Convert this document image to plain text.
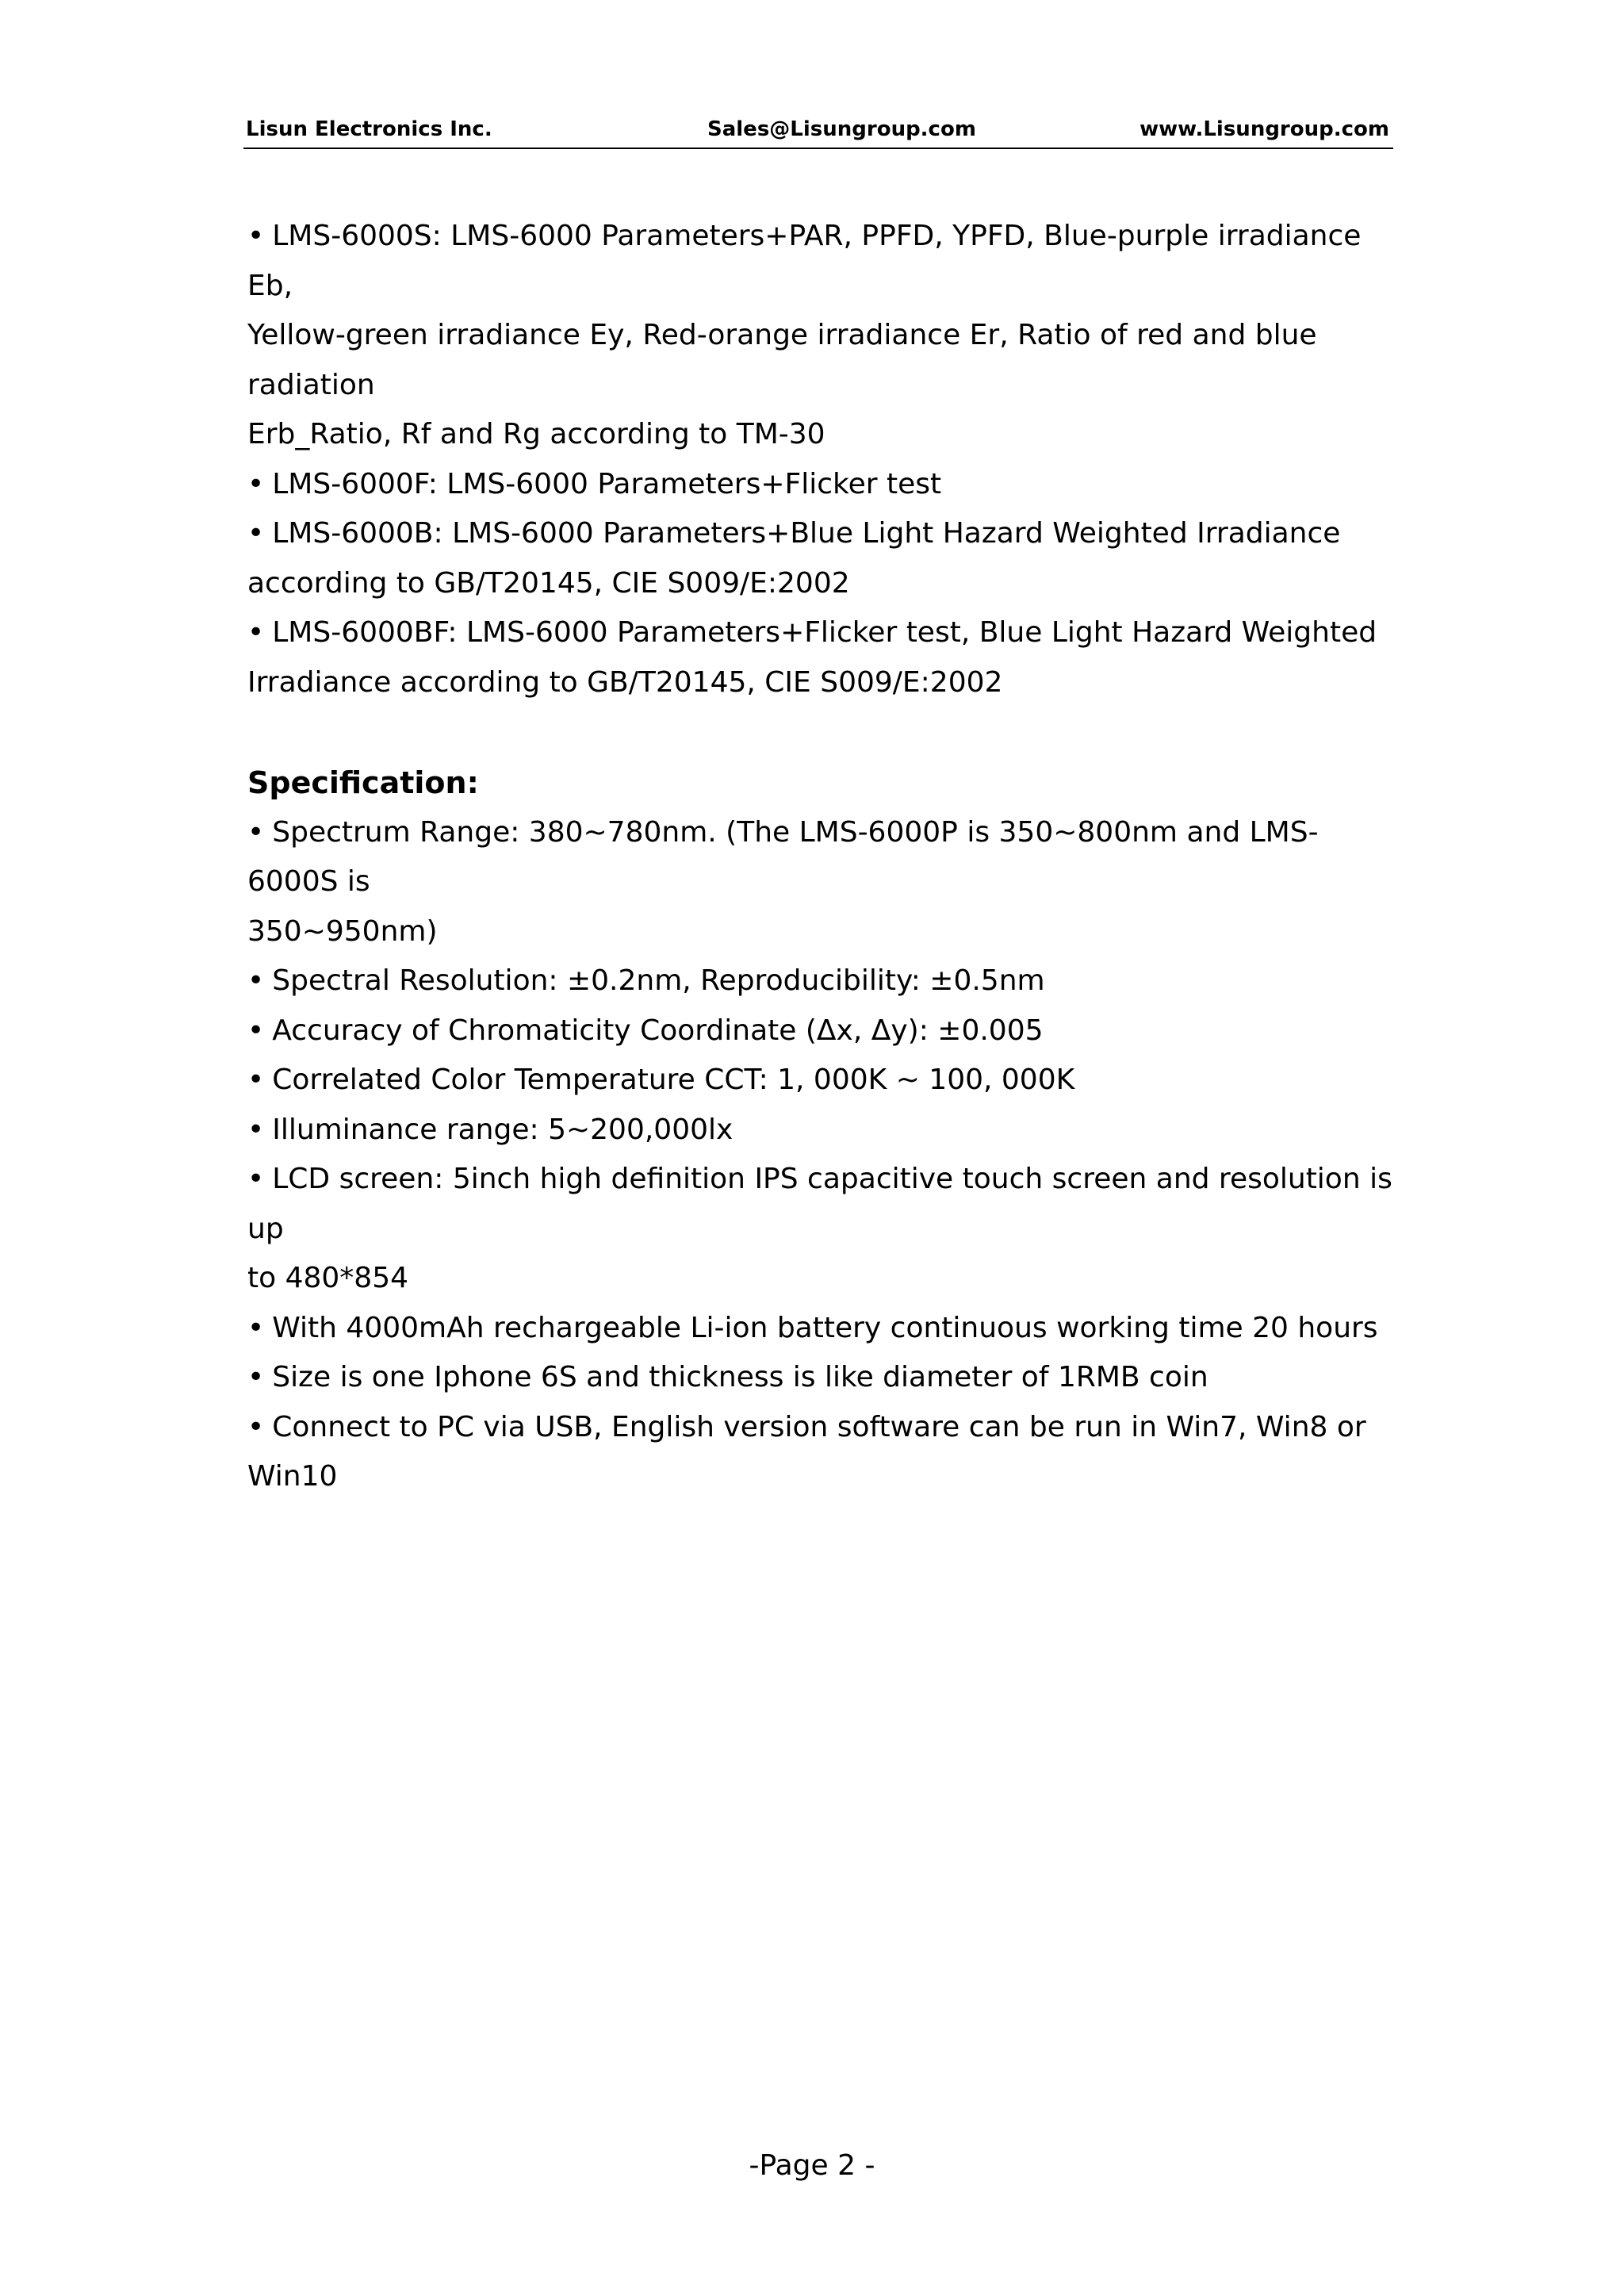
Lisun Electronics Inc.	Sales@Lisungroup.com	www.Lisungroup.com

• LMS-6000S: LMS-6000 Parameters+PAR, PPFD, YPFD, Blue-purple irradiance Eb,

Yellow-green irradiance Ey, Red-orange irradiance Er, Ratio of red and blue radiation

Erb_Ratio, Rf and Rg according to TM-30

• LMS-6000F: LMS-6000 Parameters+Flicker test

• LMS-6000B: LMS-6000 Parameters+Blue Light Hazard Weighted Irradiance

according to GB/T20145, CIE S009/E:2002

• LMS-6000BF: LMS-6000 Parameters+Flicker test, Blue Light Hazard Weighted

Irradiance according to GB/T20145, CIE S009/E:2002

Specification:

• Spectrum Range: 380~780nm. (The LMS-6000P is 350~800nm and LMS-6000S is

350~950nm)

• Spectral Resolution: ±0.2nm, Reproducibility: ±0.5nm

• Accuracy of Chromaticity Coordinate (Δx, Δy): ±0.005

• Correlated Color Temperature CCT: 1, 000K ~ 100, 000K

• Illuminance range: 5~200,000lx

• LCD screen: 5inch high definition IPS capacitive touch screen and resolution is up

to 480*854

• With 4000mAh rechargeable Li-ion battery continuous working time 20 hours

• Size is one Iphone 6S and thickness is like diameter of 1RMB coin

• Connect to PC via USB, English version software can be run in Win7, Win8 or

Win10

-Page 2 -
